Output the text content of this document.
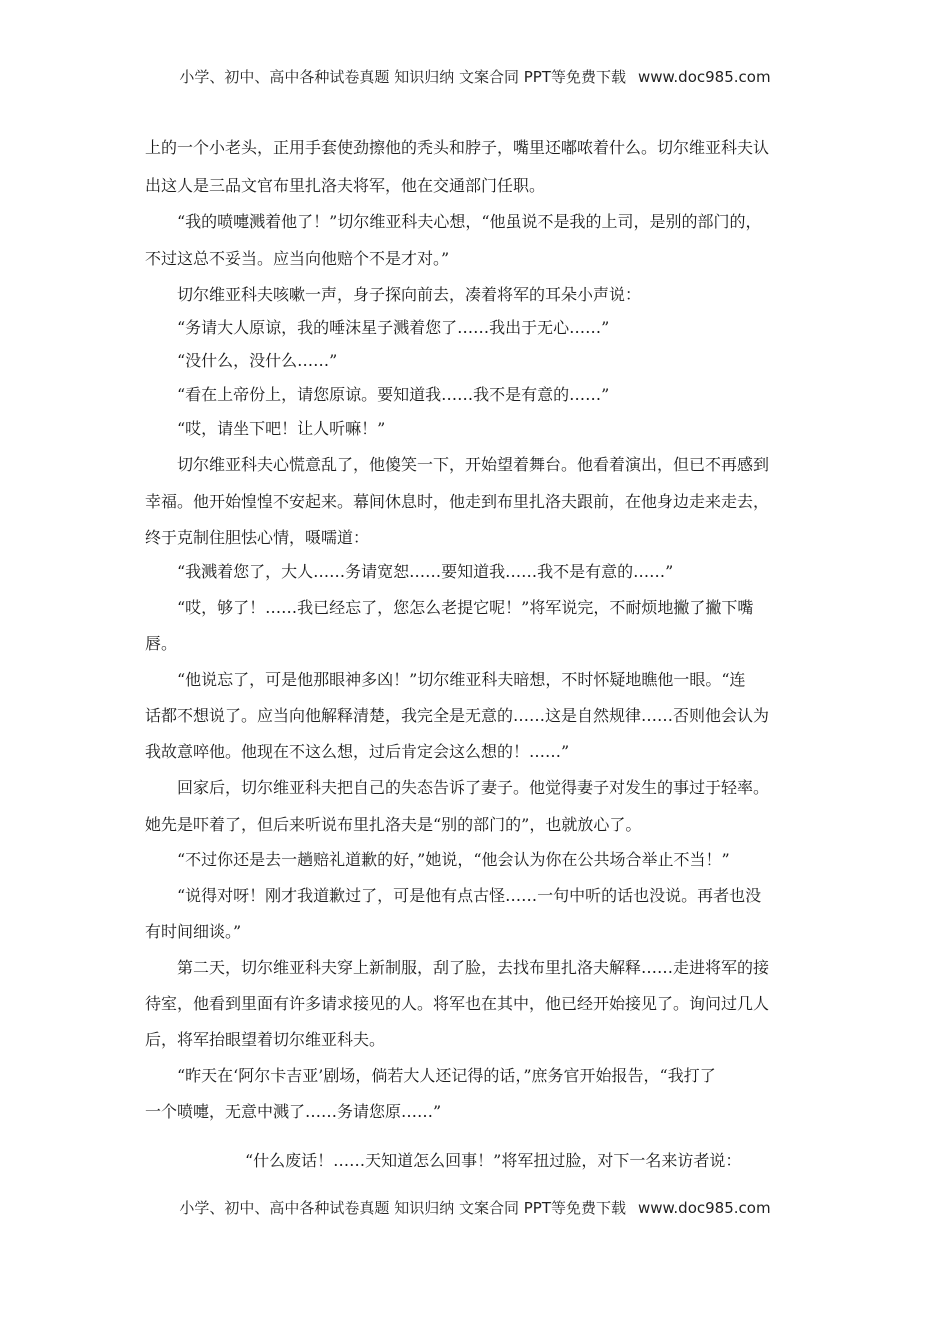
小学、初中、高中各种试卷真题 知识归纳 文案合同 PPT等免费下载 www.doc985.com
上的一个小老头，正用手套使劲擦他的秃头和脖子，嘴里还嘟哝着什么。切尔维亚科夫认
出这人是三品文官布里扎洛夫将军，他在交通部门任职。
“我的喷嚏溅着他了！”切尔维亚科夫心想，“他虽说不是我的上司，是别的部门的，
不过这总不妥当。应当向他赔个不是才对。”
切尔维亚科夫咳嗽一声，身子探向前去，凑着将军的耳朵小声说：
“务请大人原谅，我的唾沫星子溅着您了……我出于无心……”
“没什么，没什么……”
“看在上帝份上，请您原谅。要知道我……我不是有意的……”
“哎，请坐下吧！让人听嘛！”
切尔维亚科夫心慌意乱了，他傻笑一下，开始望着舞台。他看着演出，但已不再感到
幸福。他开始惶惶不安起来。幕间休息时，他走到布里扎洛夫跟前，在他身边走来走去，
终于克制住胆怯心情，嗫嚅道：
“我溅着您了，大人……务请宽恕……要知道我……我不是有意的……”
“哎，够了！……我已经忘了，您怎么老提它呢！”将军说完，不耐烦地撇了撇下嘴
唇。
“他说忘了，可是他那眼神多凶！”切尔维亚科夫暗想，不时怀疑地瞧他一眼。“连
话都不想说了。应当向他解释清楚，我完全是无意的……这是自然规律……否则他会认为
我故意啐他。他现在不这么想，过后肯定会这么想的！……”
回家后，切尔维亚科夫把自己的失态告诉了妻子。他觉得妻子对发生的事过于轻率。
她先是吓着了，但后来听说布里扎洛夫是“别的部门的”，也就放心了。
“不过你还是去一趟赔礼道歉的好，”她说，“他会认为你在公共场合举止不当！”
“说得对呀！刚才我道歉过了，可是他有点古怪……一句中听的话也没说。再者也没
有时间细谈。”
第二天，切尔维亚科夫穿上新制服，刮了脸，去找布里扎洛夫解释……走进将军的接
待室，他看到里面有许多请求接见的人。将军也在其中，他已经开始接见了。询问过几人
后，将军抬眼望着切尔维亚科夫。
“昨天在‘阿尔卡吉亚’剧场，倘若大人还记得的话，”庶务官开始报告，“我打了
一个喷嚏，无意中溅了……务请您原……”
“什么废话！……天知道怎么回事！”将军扭过脸，对下一名来访者说：
小学、初中、高中各种试卷真题 知识归纳 文案合同 PPT等免费下载 www.doc985.com
